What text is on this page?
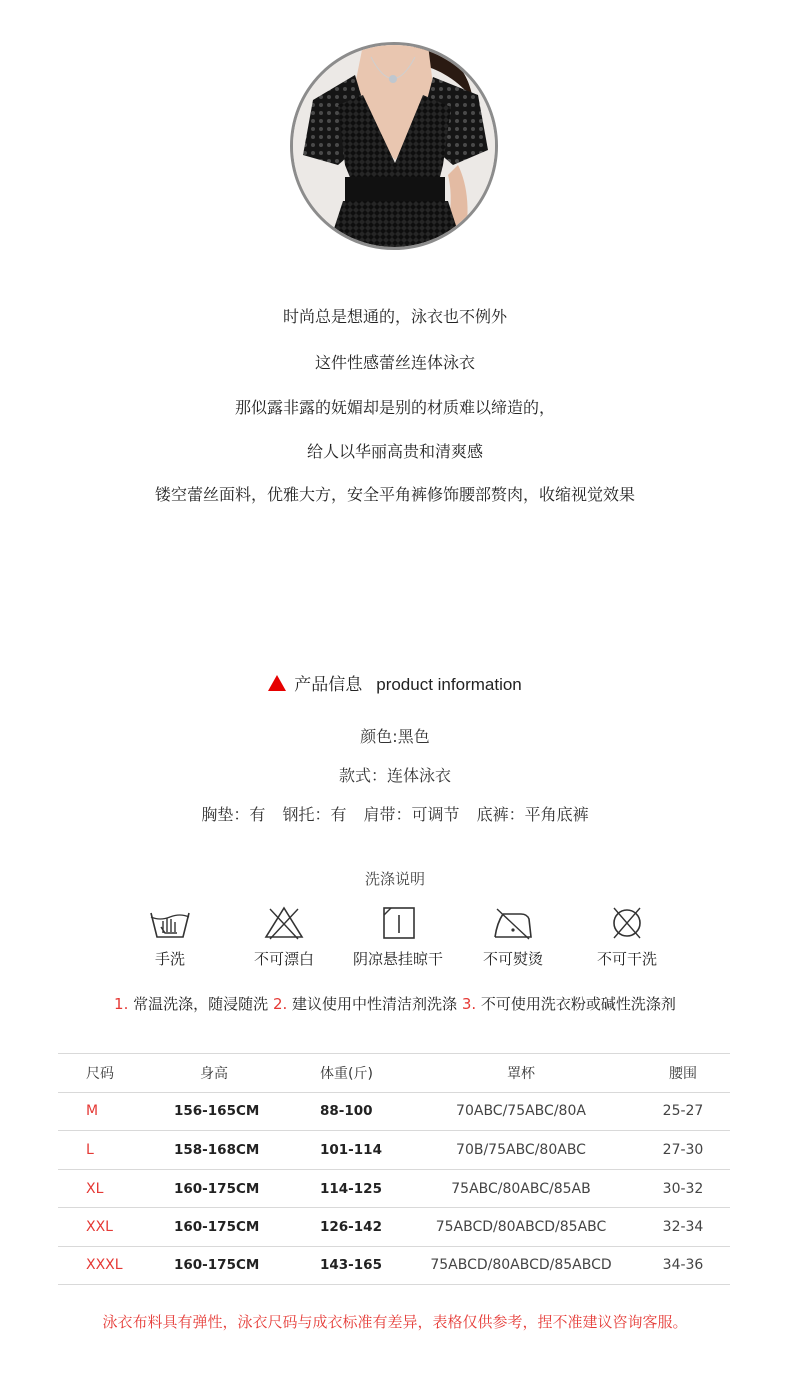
时尚总是想通的，泳衣也不例外
这件性感蕾丝连体泳衣
那似露非露的妩媚却是别的材质难以缔造的，
给人以华丽高贵和清爽感
镂空蕾丝面料，优雅大方，安全平角裤修饰腰部赘肉，收缩视觉效果
产品信息 product information
颜色:黑色
款式：连体泳衣
胸垫：有 钢托：有 肩带：可调节 底裤：平角底裤
洗涤说明
手洗	不可漂白	阴凉悬挂晾干	不可熨烫	不可干洗
1. 常温洗涤，随浸随洗 2. 建议使用中性清洁剂洗涤 3. 不可使用洗衣粉或碱性洗涤剂
尺码	身高	体重(斤)	罩杯	腰围
M	156-165CM	88-100	70ABC/75ABC/80A	25-27
L	158-168CM	101-114	70B/75ABC/80ABC	27-30
XL	160-175CM	114-125	75ABC/80ABC/85AB	30-32
XXL	160-175CM	126-142	75ABCD/80ABCD/85ABC	32-34
XXXL	160-175CM	143-165	75ABCD/80ABCD/85ABCD	34-36
泳衣布料具有弹性，泳衣尺码与成衣标准有差异，表格仅供参考，捏不准建议咨询客服。
